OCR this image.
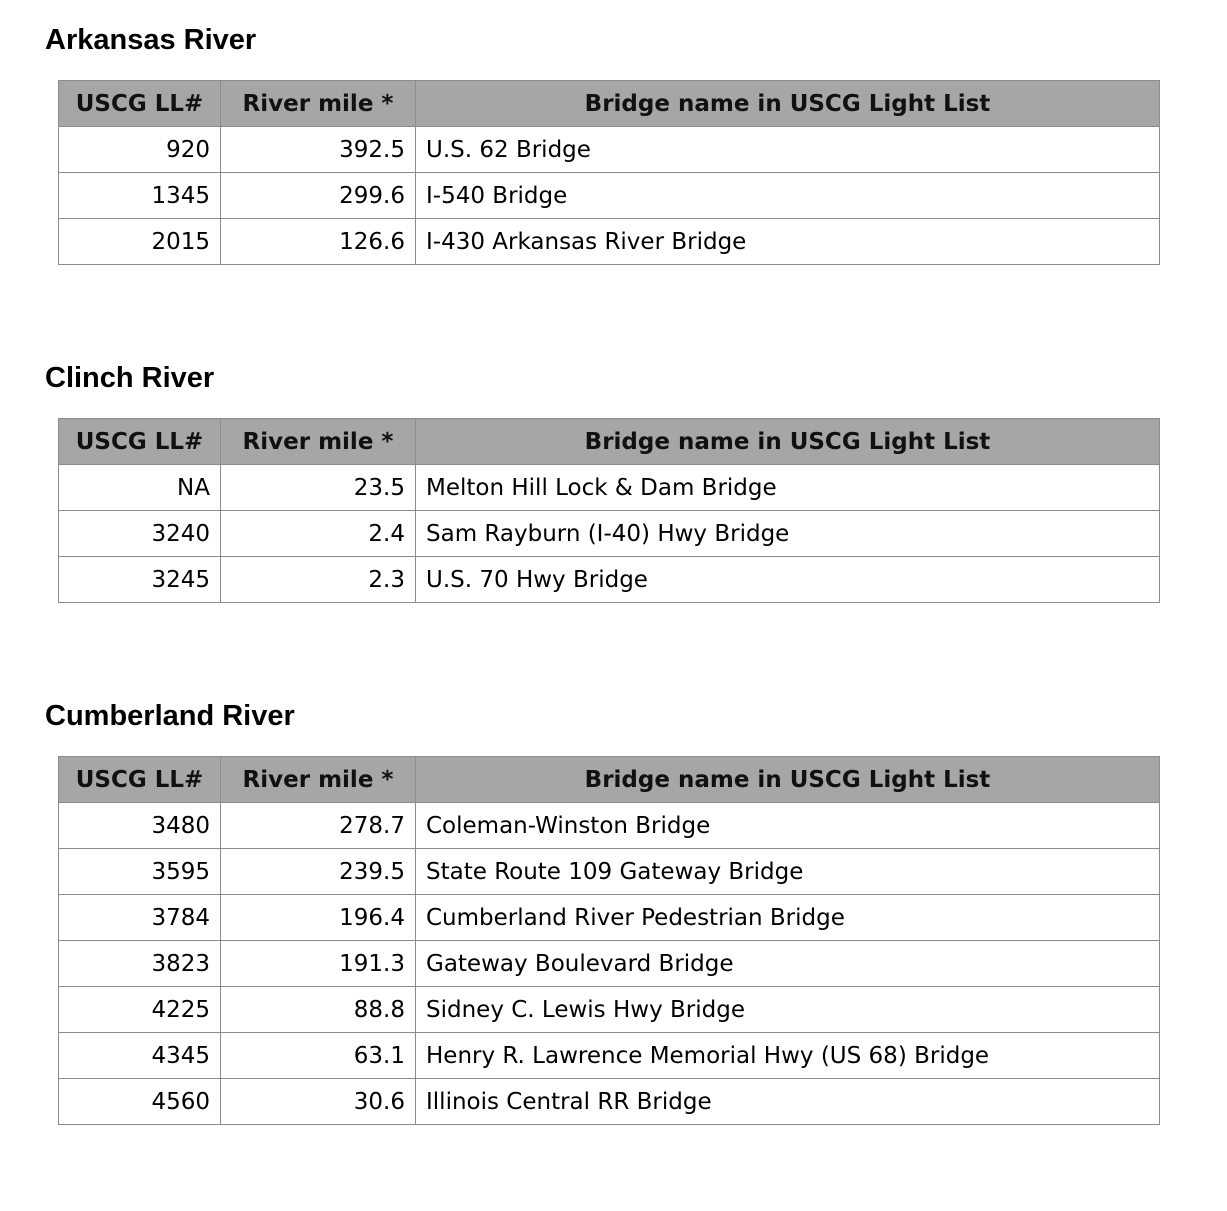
Arkansas River
USCG LL#	River mile *	Bridge name in USCG Light List
920	392.5	U.S. 62 Bridge
1345	299.6	I-540 Bridge
2015	126.6	I-430 Arkansas River Bridge
Clinch River
USCG LL#	River mile *	Bridge name in USCG Light List
NA	23.5	Melton Hill Lock & Dam Bridge
3240	2.4	Sam Rayburn (I-40) Hwy Bridge
3245	2.3	U.S. 70 Hwy Bridge
Cumberland River
USCG LL#	River mile *	Bridge name in USCG Light List
3480	278.7	Coleman-Winston Bridge
3595	239.5	State Route 109 Gateway Bridge
3784	196.4	Cumberland River Pedestrian Bridge
3823	191.3	Gateway Boulevard Bridge
4225	88.8	Sidney C. Lewis Hwy Bridge
4345	63.1	Henry R. Lawrence Memorial Hwy (US 68) Bridge
4560	30.6	Illinois Central RR Bridge
